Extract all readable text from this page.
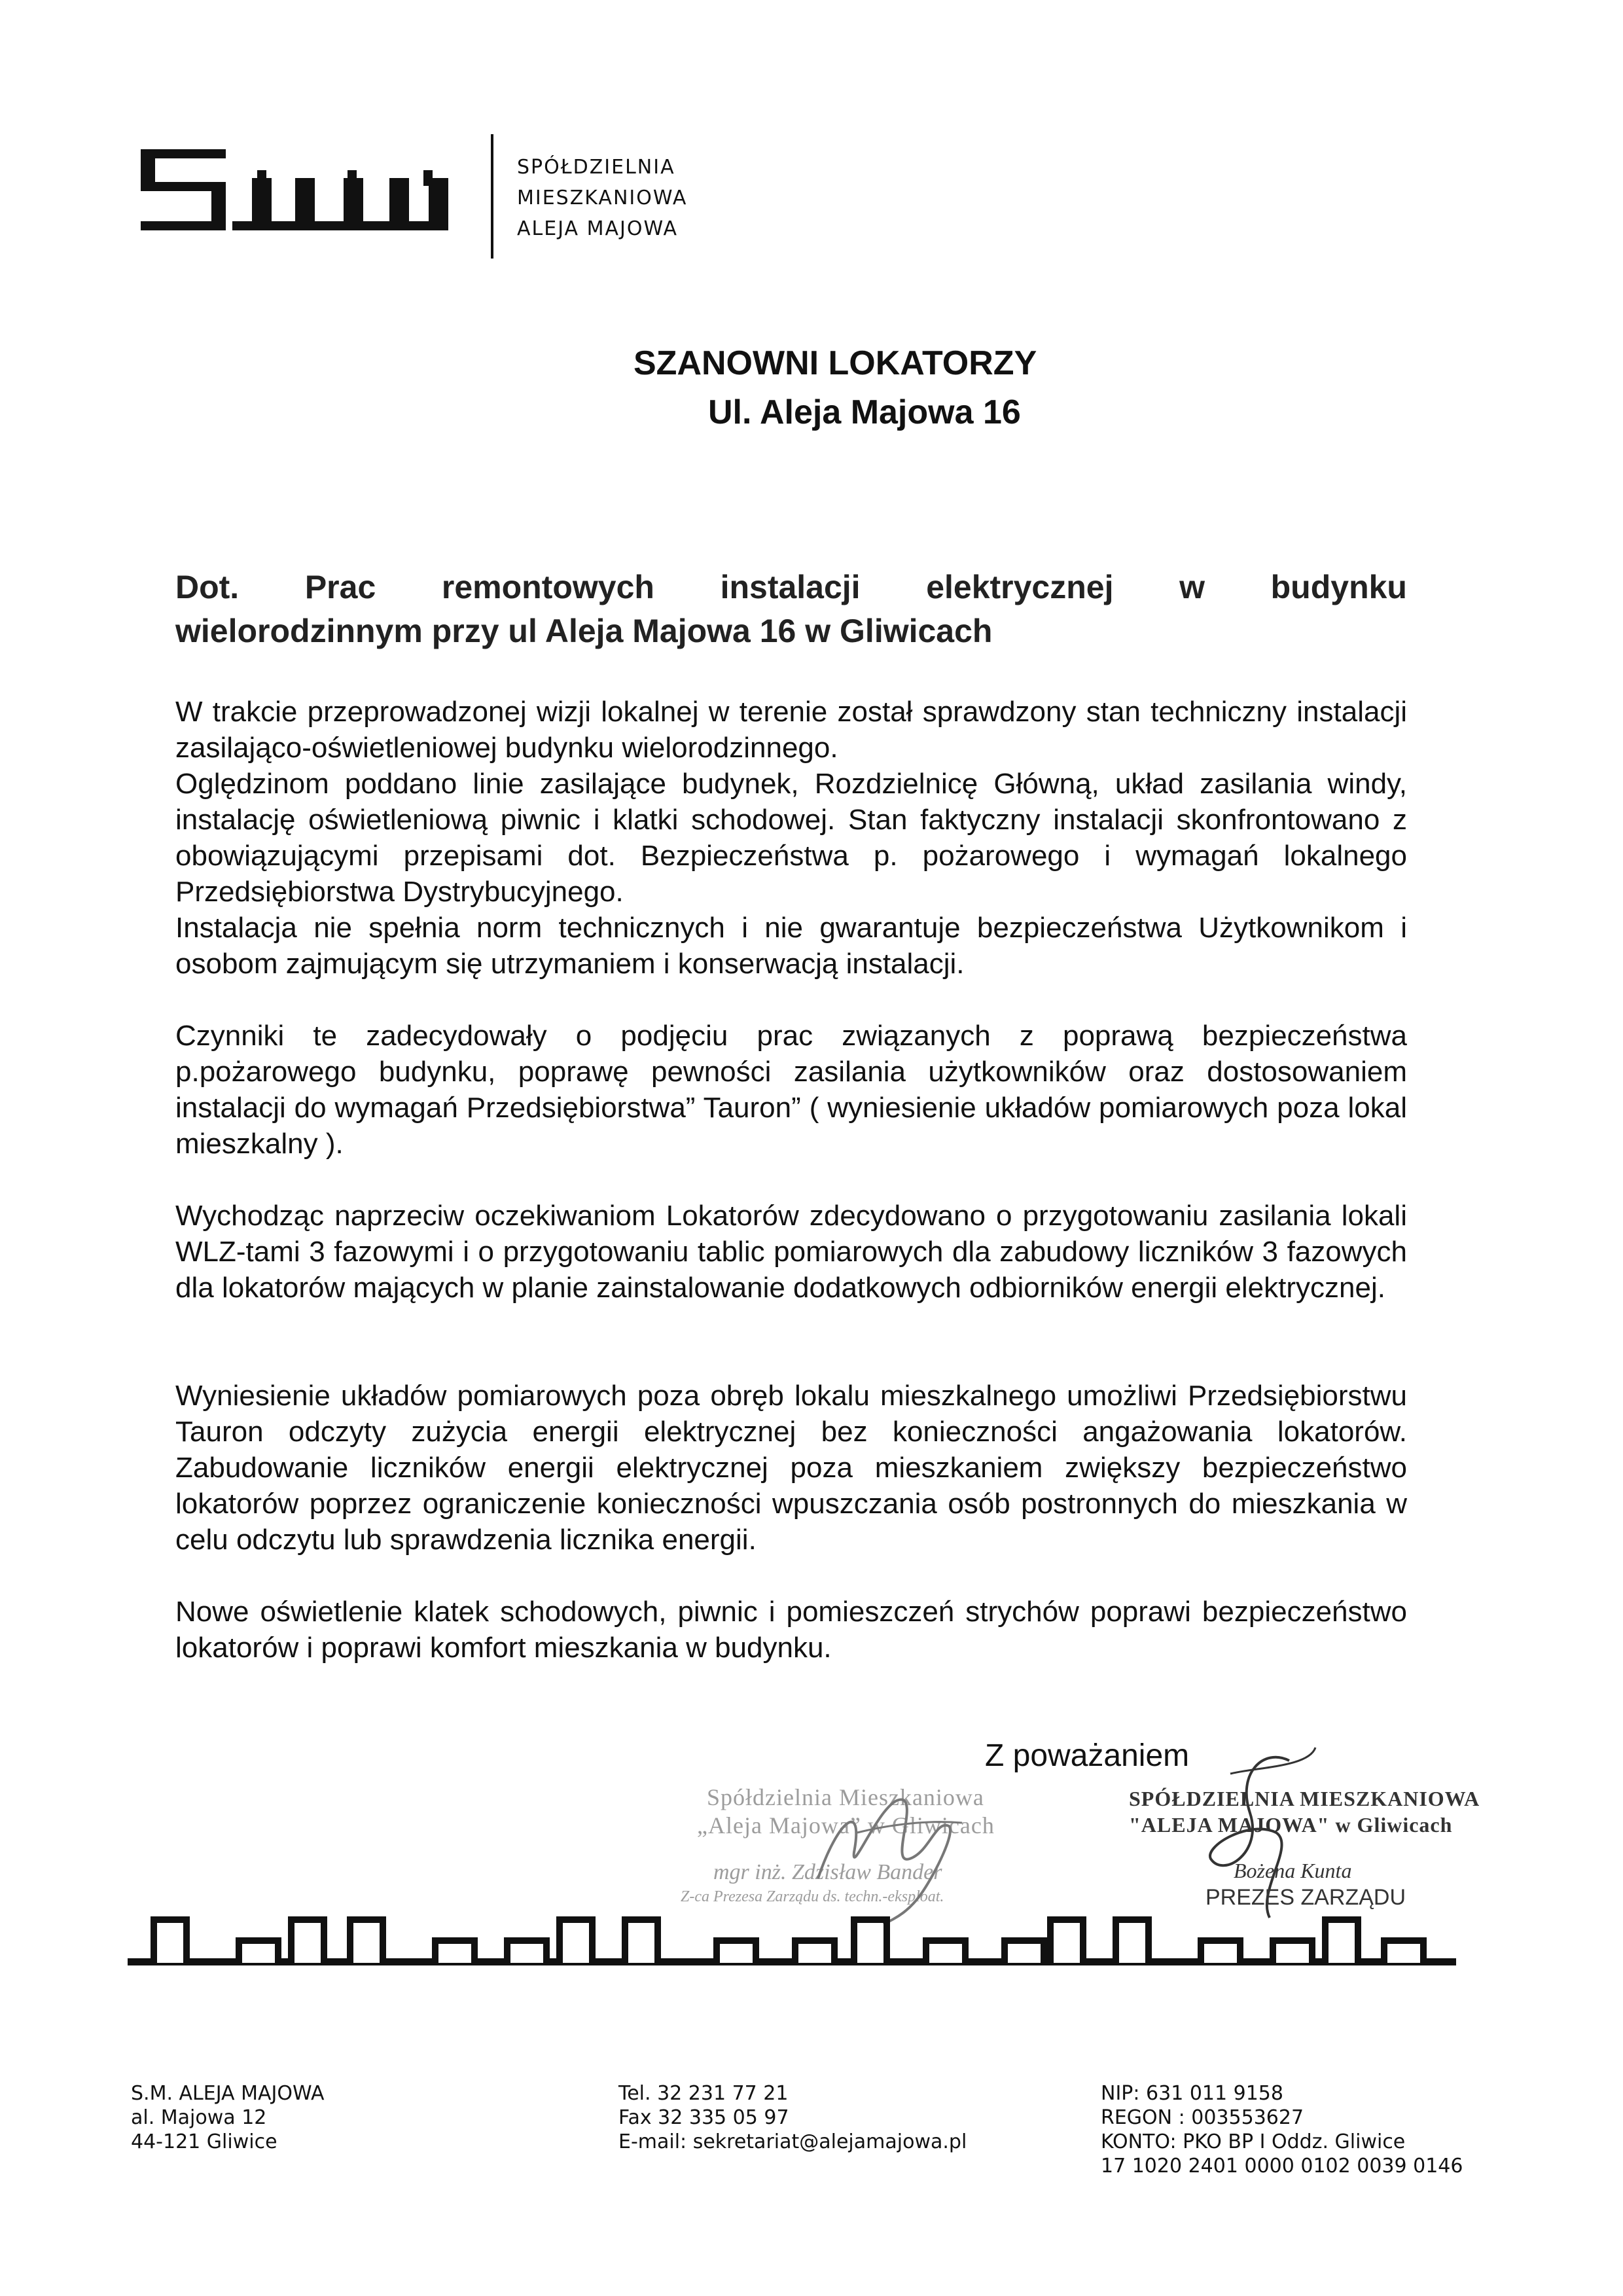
SPÓŁDZIELNIA
MIESZKANIOWA
ALEJA MAJOWA
SZANOWNI LOKATORZY
Ul. Aleja Majowa 16
Dot. Prac remontowych instalacji elektrycznej w budynku
wielorodzinnym przy ul Aleja Majowa 16 w Gliwicach
W trakcie przeprowadzonej wizji lokalnej w terenie został sprawdzony stan techniczny instalacji zasilająco-oświetleniowej budynku wielorodzinnego.
Oględzinom poddano linie zasilające budynek, Rozdzielnicę Główną, układ zasilania windy, instalację oświetleniową piwnic i klatki schodowej. Stan faktyczny instalacji skonfrontowano z obowiązującymi przepisami dot. Bezpieczeństwa p. pożarowego i wymagań lokalnego Przedsiębiorstwa Dystrybucyjnego.
Instalacja nie spełnia norm technicznych i nie gwarantuje bezpieczeństwa Użytkownikom i osobom zajmującym się utrzymaniem i konserwacją instalacji.
Czynniki te zadecydowały o podjęciu prac związanych z poprawą bezpieczeństwa p.pożarowego budynku, poprawę pewności zasilania użytkowników oraz dostosowaniem instalacji do wymagań Przedsiębiorstwa” Tauron” ( wyniesienie układów pomiarowych poza lokal mieszkalny ).
Wychodząc naprzeciw oczekiwaniom Lokatorów zdecydowano o przygotowaniu zasilania lokali WLZ-tami 3 fazowymi i o przygotowaniu tablic pomiarowych dla zabudowy liczników 3 fazowych dla lokatorów mających w planie zainstalowanie dodatkowych odbiorników energii elektrycznej.
Wyniesienie układów pomiarowych poza obręb lokalu mieszkalnego umożliwi Przedsiębiorstwu Tauron odczyty zużycia energii elektrycznej bez konieczności angażowania lokatorów. Zabudowanie liczników energii elektrycznej poza mieszkaniem zwiększy bezpieczeństwo lokatorów poprzez ograniczenie konieczności wpuszczania osób postronnych do mieszkania w celu odczytu lub sprawdzenia licznika energii.
Nowe oświetlenie klatek schodowych, piwnic i pomieszczeń strychów poprawi bezpieczeństwo lokatorów i poprawi komfort mieszkania w budynku.
Z poważaniem
Spółdzielnia Mieszkaniowa
„Aleja Majowa” w Gliwicach
mgr inż. Zdzisław Bander
Z-ca Prezesa Zarządu ds. techn.-eksploat.
SPÓŁDZIELNIA MIESZKANIOWA
"ALEJA MAJOWA" w Gliwicach
Bożena Kunta
PREZES ZARZĄDU
S.M. ALEJA MAJOWA
al. Majowa 12
44-121 Gliwice
Tel. 32 231 77 21
Fax 32 335 05 97
E-mail: sekretariat@alejamajowa.pl
NIP: 631 011 9158
REGON : 003553627
KONTO: PKO BP I Oddz. Gliwice
17 1020 2401 0000 0102 0039 0146
